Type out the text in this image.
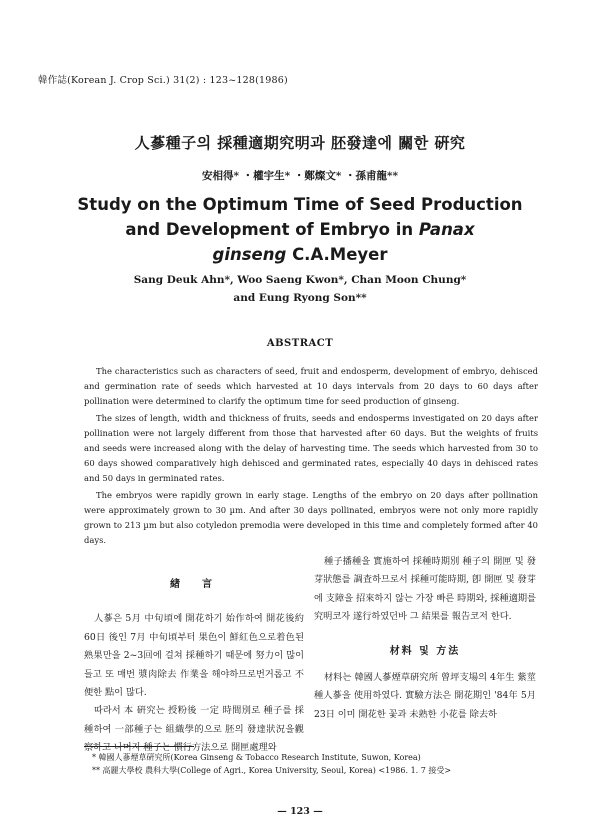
韓作誌(Korean J. Crop Sci.) 31(2) : 123~128(1986)
人蔘種子의 採種適期究明과 胚發達에 關한 硏究
安相得* ・權宇生* ・鄭燦文* ・孫甫龍**
Study on the Optimum Time of Seed Production
and Development of Embryo in Panax
ginseng C.A.Meyer
Sang Deuk Ahn*, Woo Saeng Kwon*, Chan Moon Chung*
and Eung Ryong Son**
ABSTRACT

The characteristics such as characters of seed, fruit and endosperm, development of embryo, dehisced and germination rate of seeds which harvested at 10 days intervals from 20 days to 60 days after pollination were determined to clarify the optimum time for seed production of ginseng.

The sizes of length, width and thickness of fruits, seeds and endosperms investigated on 20 days after pollination were not largely different from those that harvested after 60 days. But the weights of fruits and seeds were increased along with the delay of harvesting time. The seeds which harvested from 30 to 60 days showed comparatively high dehisced and germinated rates, especially 40 days in dehisced rates and 50 days in germinated rates.

The embryos were rapidly grown in early stage. Lengths of the embryo on 20 days after pollination were approximately grown to 30 µm. And after 30 days pollinated, embryos were not only more rapidly grown to 213 µm but also cotyledon premodia were developed in this time and completely formed after 40 days.

緖　言

人蔘은 5月 中旬頃에 開花하기 始作하여 開花後約 60日 後인 7月 中旬頃부터 果色이 鮮紅色으로着色된 熟果만을 2~3回에 걸쳐 採種하기 때문에 努力이 많이들고 또 매번 漿肉除去 作業을 해야하므로번거롭고 不便한 點이 많다.

따라서 本 硏究는 授粉後 一定 時間別로 種子를 採種하여 一部種子는 組織學的으로 胚의 發達狀況을觀察하고 나머지 種子는 慣行方法으로 開匣處理와

種子播種을 實施하여 採種時期別 種子의 開匣 및 發芽狀態를 調査하므로서 採種可能時期, 卽 開匣 및 發芽에 支障을 招來하지 않는 가장 빠른 時期와, 採種適期를 究明코자 遂行하였던바 그 結果를 報告코저 한다.

材料 및 方法

材料는 韓國人蔘煙草硏究所 曾坪支場의 4年生 紫莖種人蔘을 使用하였다. 實驗方法은 開花期인 '84年 5月 23日 이미 開花한 꽃과 未熟한 小花를 除去하

* 韓國人蔘煙草硏究所(Korea Ginseng & Tobacco Research Institute, Suwon, Korea)
** 高麗大學校 農科大學(College of Agri., Korea University, Seoul, Korea) <1986. 1. 7 接受>
— 123 —
